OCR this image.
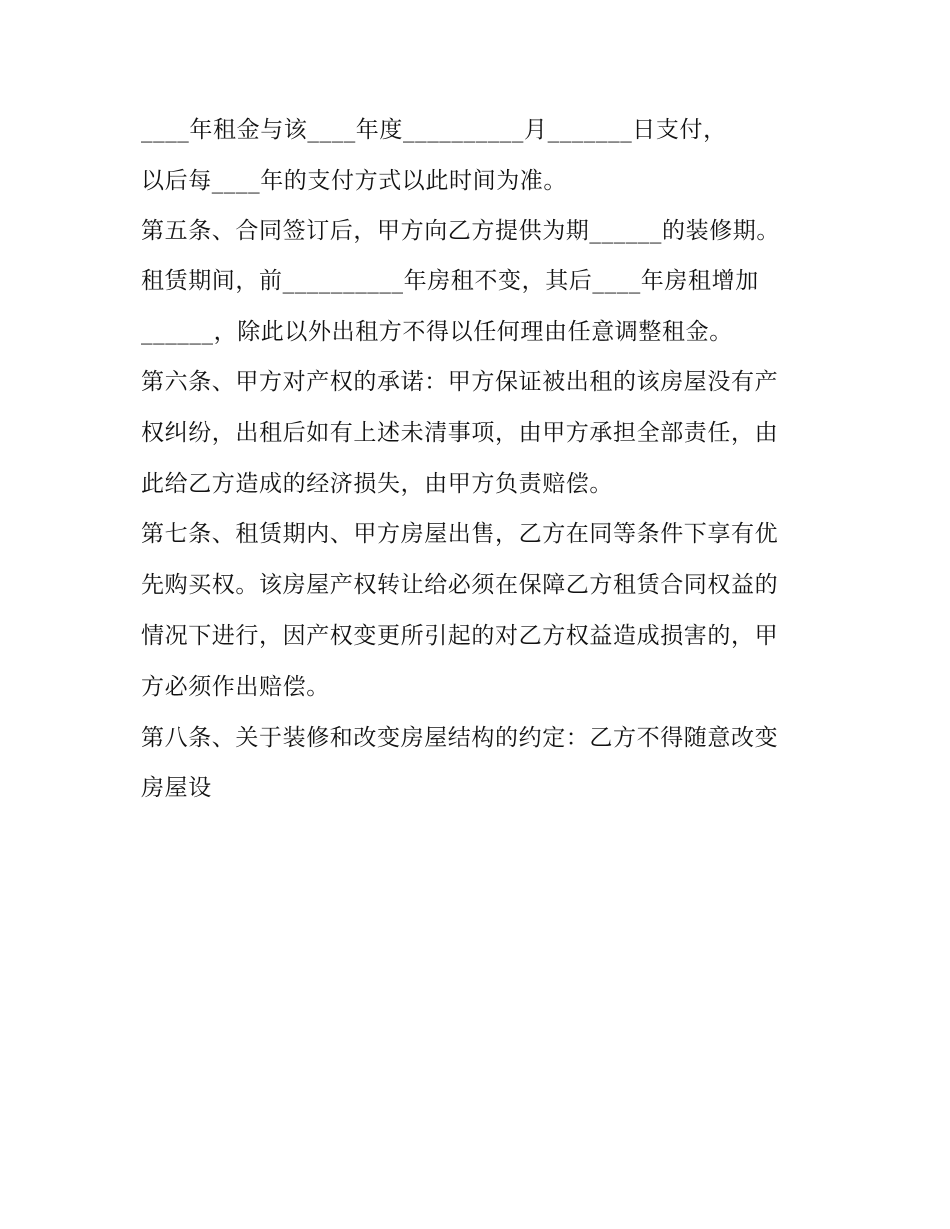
____年租金与该____年度__________月_______日支付，
以后每____年的支付方式以此时间为准。
第五条、合同签订后，甲方向乙方提供为期______的装修期。
租赁期间，前__________年房租不变，其后____年房租增加
______，除此以外出租方不得以任何理由任意调整租金。
第六条、甲方对产权的承诺：甲方保证被出租的该房屋没有产
权纠纷，出租后如有上述未清事项，由甲方承担全部责任，由
此给乙方造成的经济损失，由甲方负责赔偿。
第七条、租赁期内、甲方房屋出售，乙方在同等条件下享有优
先购买权。该房屋产权转让给必须在保障乙方租赁合同权益的
情况下进行，因产权变更所引起的对乙方权益造成损害的，甲
方必须作出赔偿。
第八条、关于装修和改变房屋结构的约定：乙方不得随意改变
房屋设
